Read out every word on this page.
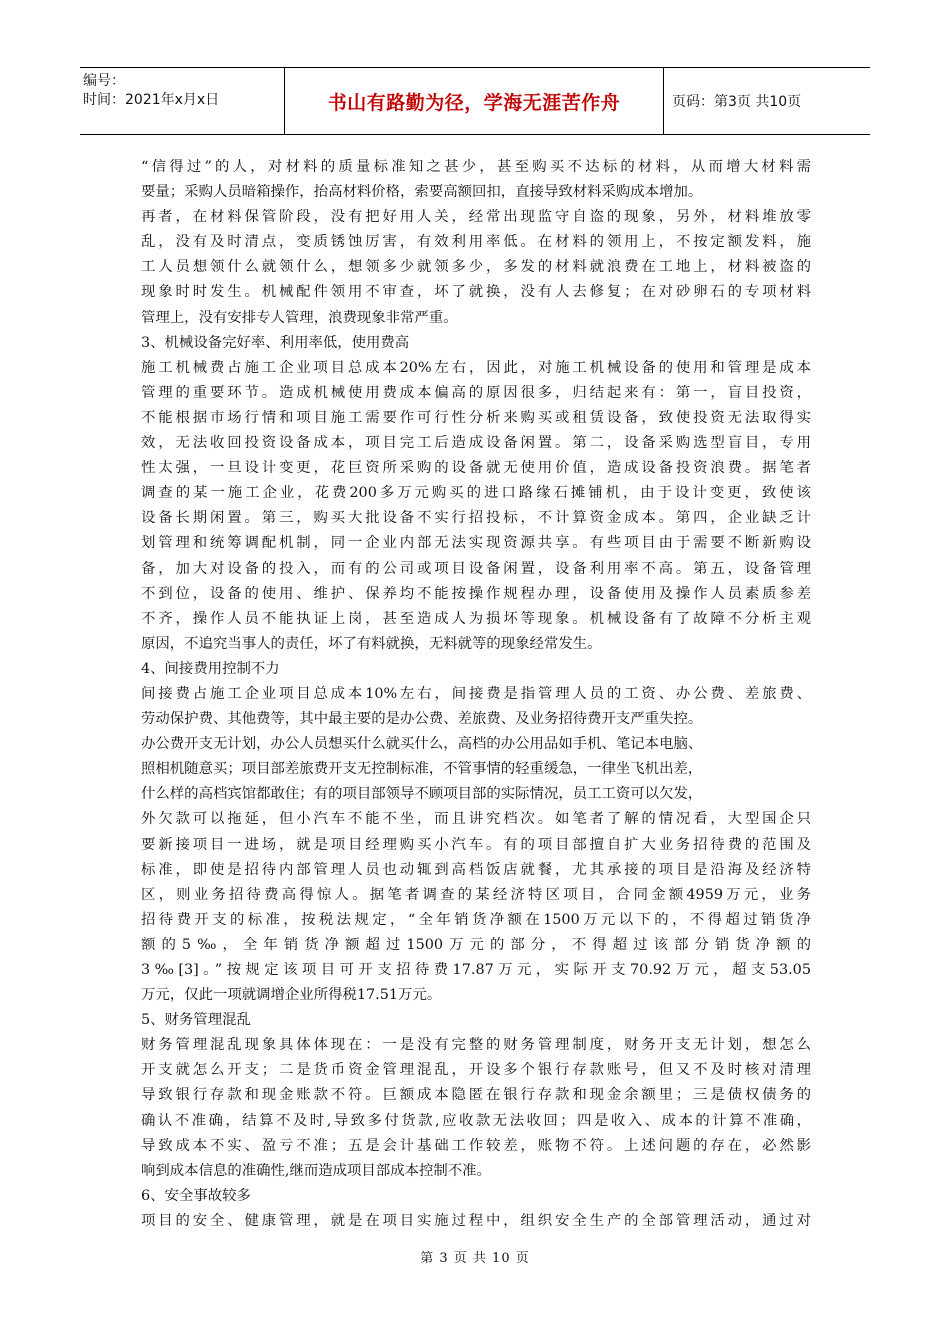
编号：
时间：2021年x月x日	书山有路勤为径，学海无涯苦作舟	页码：第3页 共10页
“信得过”的人，对材料的质量标准知之甚少，甚至购买不达标的材料，从而增大材料需
要量；采购人员暗箱操作，抬高材料价格，索要高额回扣，直接导致材料采购成本增加。
再者，在材料保管阶段，没有把好用人关，经常出现监守自盗的现象，另外，材料堆放零
乱，没有及时清点，变质锈蚀厉害，有效利用率低。在材料的领用上，不按定额发料，施
工人员想领什么就领什么，想领多少就领多少，多发的材料就浪费在工地上，材料被盗的
现象时时发生。机械配件领用不审查，坏了就换，没有人去修复；在对砂卵石的专项材料
管理上，没有安排专人管理，浪费现象非常严重。
3、机械设备完好率、利用率低，使用费高
施工机械费占施工企业项目总成本20%左右，因此，对施工机械设备的使用和管理是成本
管理的重要环节。造成机械使用费成本偏高的原因很多，归结起来有：第一，盲目投资，
不能根据市场行情和项目施工需要作可行性分析来购买或租赁设备，致使投资无法取得实
效，无法收回投资设备成本，项目完工后造成设备闲置。第二，设备采购选型盲目，专用
性太强，一旦设计变更，花巨资所采购的设备就无使用价值，造成设备投资浪费。据笔者
调查的某一施工企业，花费200多万元购买的进口路缘石摊铺机，由于设计变更，致使该
设备长期闲置。第三，购买大批设备不实行招投标，不计算资金成本。第四，企业缺乏计
划管理和统筹调配机制，同一企业内部无法实现资源共享。有些项目由于需要不断新购设
备，加大对设备的投入，而有的公司或项目设备闲置，设备利用率不高。第五，设备管理
不到位，设备的使用、维护、保养均不能按操作规程办理，设备使用及操作人员素质参差
不齐，操作人员不能执证上岗，甚至造成人为损坏等现象。机械设备有了故障不分析主观
原因，不追究当事人的责任，坏了有料就换，无料就等的现象经常发生。
4、间接费用控制不力
间接费占施工企业项目总成本10%左右，间接费是指管理人员的工资、办公费、差旅费、
劳动保护费、其他费等，其中最主要的是办公费、差旅费、及业务招待费开支严重失控。
办公费开支无计划，办公人员想买什么就买什么，高档的办公用品如手机、笔记本电脑、
照相机随意买；项目部差旅费开支无控制标准，不管事情的轻重缓急，一律坐飞机出差，
什么样的高档宾馆都敢住；有的项目部领导不顾项目部的实际情况，员工工资可以欠发，
外欠款可以拖延，但小汽车不能不坐，而且讲究档次。如笔者了解的情况看，大型国企只
要新接项目一进场，就是项目经理购买小汽车。有的项目部擅自扩大业务招待费的范围及
标准，即使是招待内部管理人员也动辄到高档饭店就餐，尤其承接的项目是沿海及经济特
区，则业务招待费高得惊人。据笔者调查的某经济特区项目，合同金额4959万元，业务
招待费开支的标准，按税法规定，“全年销货净额在1500万元以下的，不得超过销货净
额的5‰，全年销货净额超过1500万元的部分，不得超过该部分销货净额的
3‰[3]。”按规定该项目可开支招待费17.87万元，实际开支70.92万元，超支53.05
万元，仅此一项就调增企业所得税17.51万元。
5、财务管理混乱
财务管理混乱现象具体体现在：一是没有完整的财务管理制度，财务开支无计划，想怎么
开支就怎么开支；二是货币资金管理混乱，开设多个银行存款账号，但又不及时核对清理
导致银行存款和现金账款不符。巨额成本隐匿在银行存款和现金余额里；三是债权债务的
确认不准确，结算不及时,导致多付货款,应收款无法收回；四是收入、成本的计算不准确，
导致成本不实、盈亏不准；五是会计基础工作较差，账物不符。上述问题的存在，必然影
响到成本信息的准确性,继而造成项目部成本控制不准。
6、安全事故较多
项目的安全、健康管理，就是在项目实施过程中，组织安全生产的全部管理活动，通过对
第 3 页 共 10 页
